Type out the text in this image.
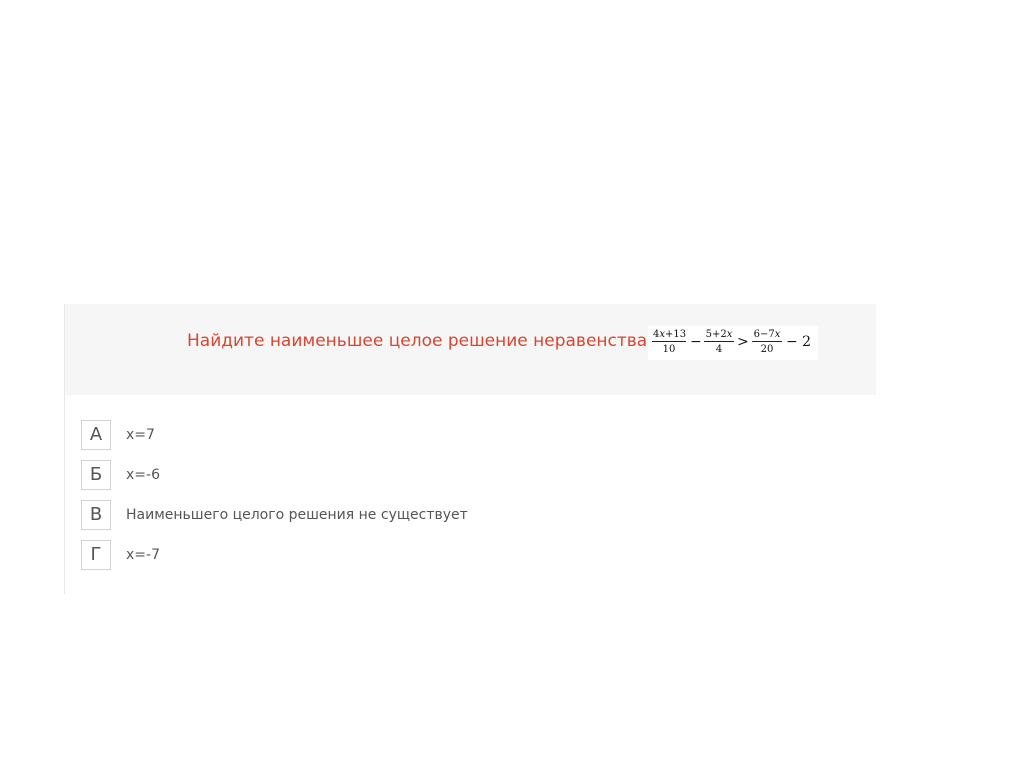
Найдите наименьшее целое решение неравенства $\frac{4x+13}{10} - \frac{5+2x}{4} > \frac{6-7x}{20} - 2$
А	x=7
Б	x=-6
В	Наименьшего целого решения не существует
Г	x=-7
